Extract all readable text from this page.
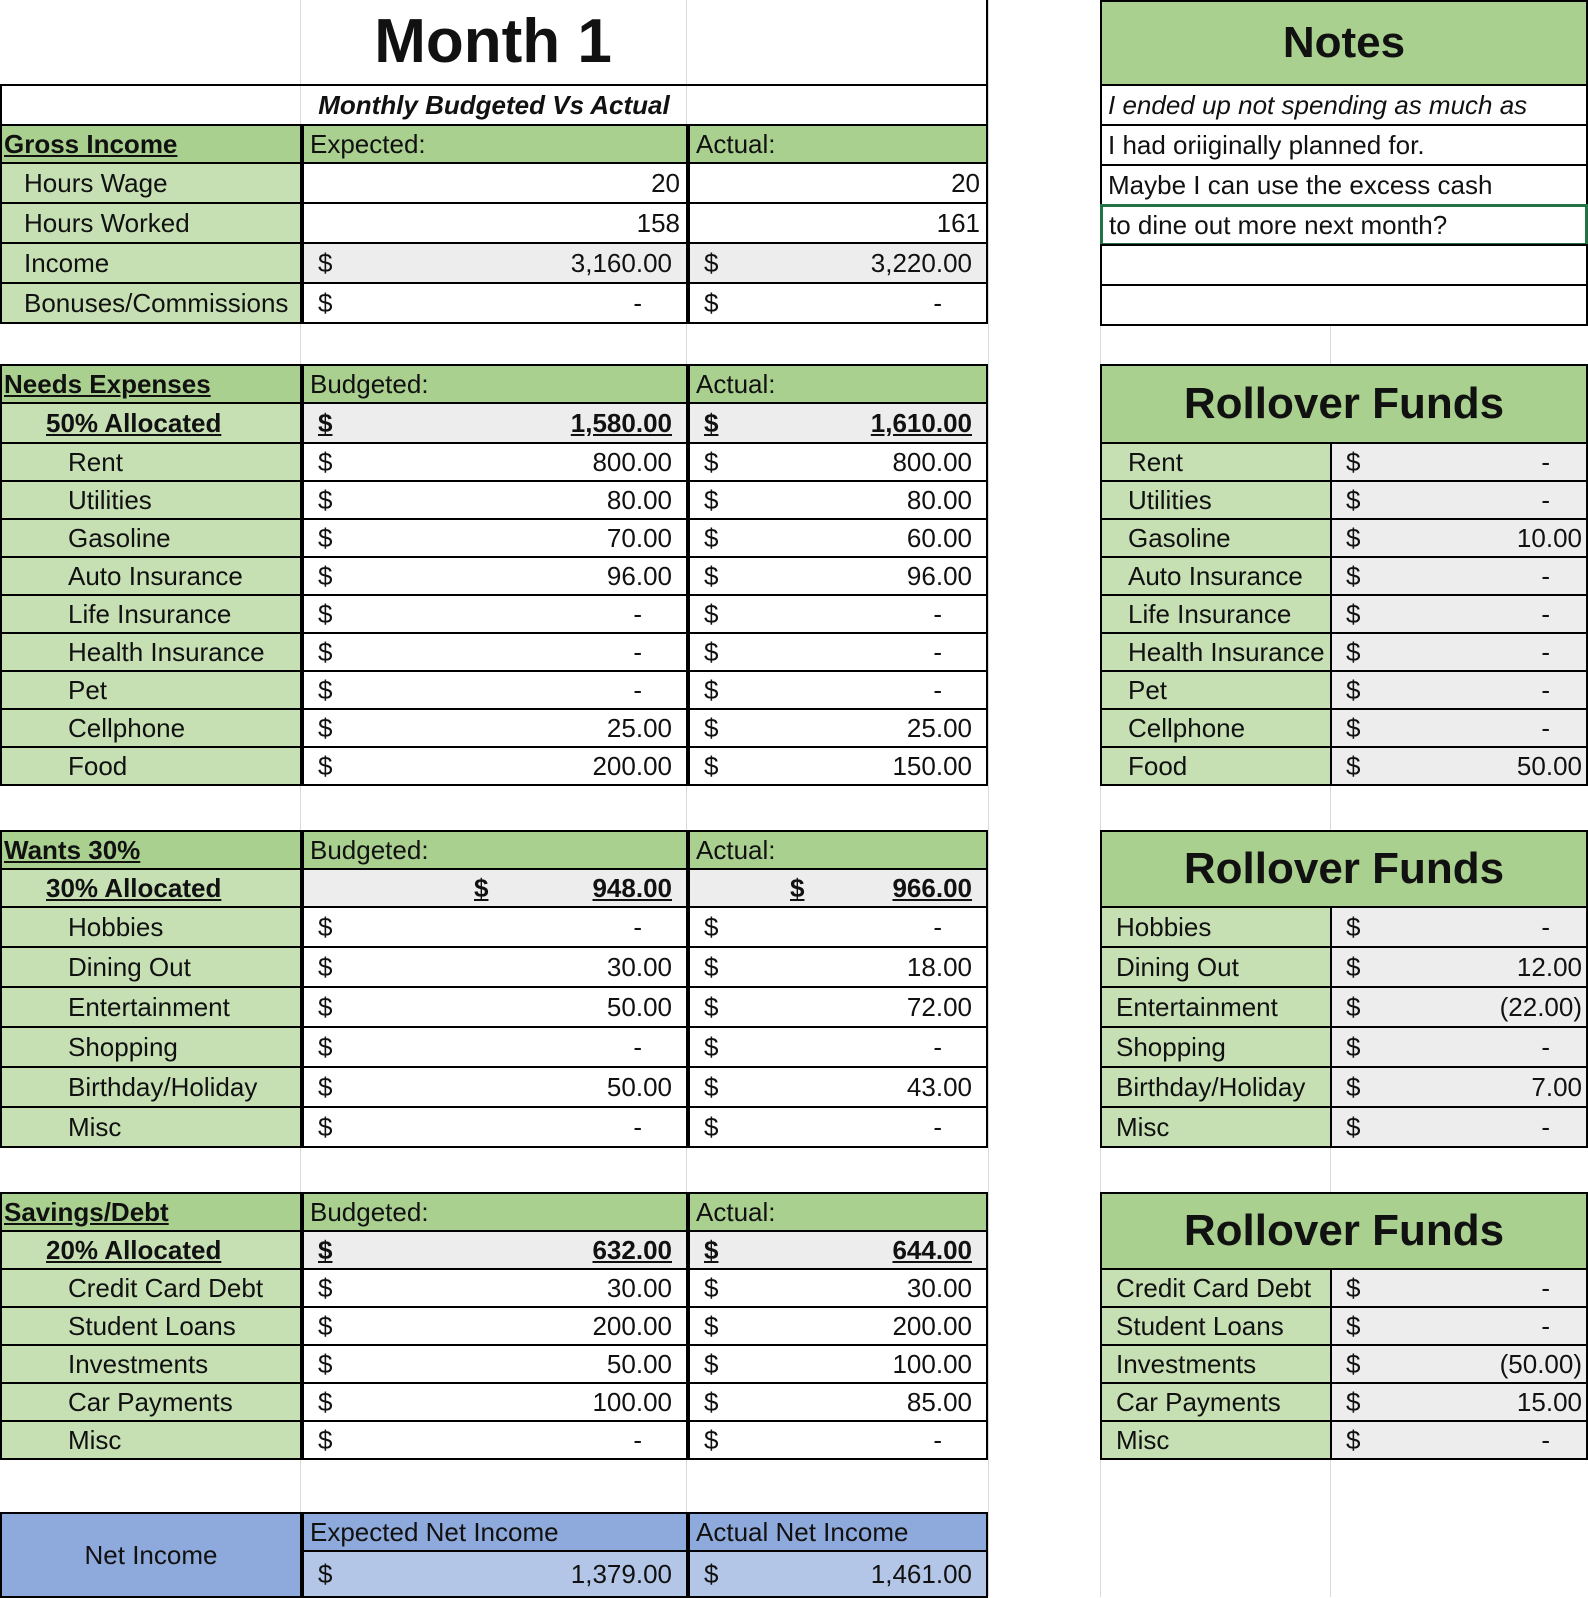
Month 1
Monthly Budgeted Vs Actual
Gross Income	Expected:	Actual:
Hours Wage	20	20
Hours Worked	158	161
Income	$	3,160.00 $	3,220.00
Bonuses/Commissions $	- $	-
Needs Expenses	Budgeted:	Actual:
50% Allocated	$	1,580.00 $	1,610.00
Rent	$	800.00 $	800.00
Utilities	$	80.00 $	80.00
Gasoline	$	70.00 $	60.00
Auto Insurance	$	96.00 $	96.00
Life Insurance	$	- $	-
Health Insurance $	- $	-
Pet	$	- $	-
Cellphone	$	25.00 $	25.00
Food	$	200.00 $	150.00
Rollover Funds
Rent	$	-
Utilities	$	-
Gasoline	$	10.00
Auto Insurance $	-
Life Insurance $	-
Health Insurance $	-
Pet	$	-
Cellphone	$	-
Food	$	50.00
Wants 30%	Budgeted:	Actual:
30% Allocated	$	948.00	$	966.00
Hobbies	$	- $	-
Dining Out	$	30.00 $	18.00
Entertainment	$	50.00 $	72.00
Shopping	$	- $	-
Birthday/Holiday $	50.00 $	43.00
Misc	$	- $	-
Rollover Funds
Hobbies	$	-
Dining Out	$	12.00
Entertainment	$	(22.00)
Shopping	$	-
Birthday/Holiday $	7.00
Misc	$	-
Savings/Debt	Budgeted:	Actual:
20% Allocated	$	632.00 $	644.00
Credit Card Debt $	30.00 $	30.00
Student Loans	$	200.00 $	200.00
Investments	$	50.00 $	100.00
Car Payments	$	100.00 $	85.00
Misc	$	- $	-
Rollover Funds
Credit Card Debt $	-
Student Loans $	-
Investments	$	(50.00)
Car Payments	$	15.00
Misc	$	-
Net Income
Expected Net Income	Actual Net Income
$	1,379.00 $	1,461.00
Notes
I ended up not spending as much as
I had oriiginally planned for.
Maybe I can use the excess cash
to dine out more next month?
